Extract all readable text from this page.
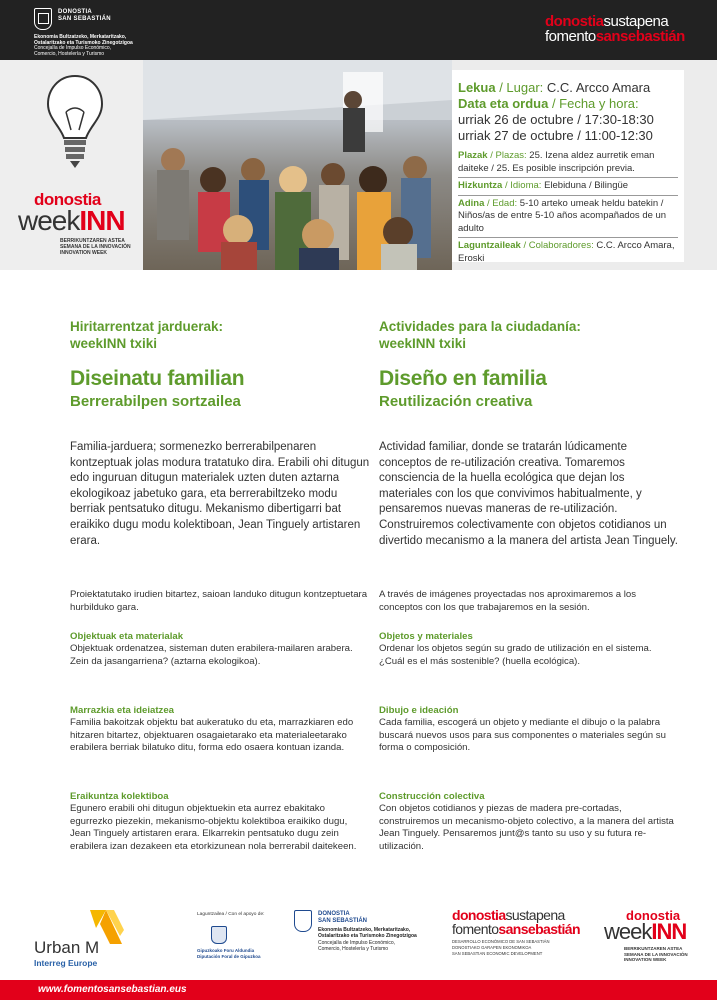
DONOSTIA
SAN SEBASTIÁN
Ekonomia Bultzatzeko, Merkataritzako,
Ostalaritzako eta Turismoko Zinegotzigoa
Concejalía de Impulso Económico,
Comercio, Hostelería y Turismo
donostiasustapena
fomentosansebastián
donostia
weekINN
BERRIKUNTZAREN ASTEA
SEMANA DE LA INNOVACIÓN
INNOVATION WEEK
Lekua / Lugar: C.C. Arcco Amara
Data eta ordua / Fecha y hora:
urriak 26 de octubre / 17:30-18:30
urriak 27 de octubre / 11:00-12:30
Plazak / Plazas: 25. Izena aldez aurretik eman daiteke / 25. Es posible inscripción previa.
Hizkuntza / Idioma: Elebiduna / Bilingüe
Adina / Edad: 5-10 arteko umeak heldu batekin / Niños/as de entre 5-10 años acompañados de un adulto
Laguntzaileak / Colaboradores: C.C. Arcco Amara, Eroski
Hiritarrentzat jarduerak:
weekINN txiki
Diseinatu familian
Berrerabilpen sortzailea
Familia-jarduera; sormenezko berrerabilpenaren kontzeptuak jolas modura tratatuko dira. Erabili ohi ditugun edo inguruan ditugun materialek uzten duten aztarna ekologikoaz jabetuko gara, eta berrerabiltzeko modu berriak pentsatuko ditugu. Mekanismo dibertigarri bat eraikiko dugu modu kolektiboan, Jean Tinguely artistaren erara.
Proiektatutako irudien bitartez, saioan landuko ditugun kontzeptuetara hurbilduko gara.
Objektuak eta materialak
Objektuak ordenatzea, sisteman duten erabilera-mailaren arabera. Zein da jasangarriena? (aztarna ekologikoa).
Marrazkia eta ideiatzea
Familia bakoitzak objektu bat aukeratuko du eta, marrazkiaren edo hitzaren bitartez, objektuaren osagaietarako eta materialeetarako erabilera berriak bilatuko ditu, forma edo osaera kontuan izanda.
Eraikuntza kolektiboa
Egunero erabili ohi ditugun objektuekin eta aurrez ebakitako egurrezko piezekin, mekanismo-objektu kolektiboa eraikiko dugu, Jean Tinguely artistaren erara. Elkarrekin pentsatuko dugu zein erabilera izan dezakeen eta etorkizunean nola berrerabil daitekeen.
Actividades para la ciudadanía:
weekINN txiki
Diseño en familia
Reutilización creativa
Actividad familiar, donde se tratarán lúdicamente conceptos de re-utilización creativa. Tomaremos consciencia de la huella ecológica que dejan los materiales con los que convivimos habitualmente, y pensaremos nuevas maneras de re-utilización. Construiremos colectivamente con objetos cotidianos un divertido mecanismo a la manera del artista Jean Tinguely.
A través de imágenes proyectadas nos aproximaremos a los conceptos con los que trabajaremos en la sesión.
Objetos y materiales
Ordenar los objetos según su grado de utilización en el sistema. ¿Cuál es el más sostenible? (huella ecológica).
Dibujo e ideación
Cada familia, escogerá un objeto y mediante el dibujo o la palabra buscará nuevos usos para sus componentes o materiales según su forma o composición.
Construcción colectiva
Con objetos cotidianos y piezas de madera pre-cortadas, construiremos un mecanismo-objeto colectivo, a la manera del artista Jean Tinguely. Pensaremos junt@s tanto su uso y su futura re-utilización.
Urban M
Interreg Europe
Laguntzailea / Con el apoyo de:
Gipuzkoako Foru Aldundia
Diputación Foral de Gipuzkoa
DONOSTIA
SAN SEBASTIÁN
Ekonomia Bultzatzeko, Merkataritzako,
Ostalaritzako eta Turismoko Zinegotzigoa
Concejalía de Impulso Económico,
Comercio, Hostelería y Turismo
donostiasustapena
fomentosansebastián
DESARROLLO ECONÓMICO DE SAN SEBASTIÁN
DONOSTIAKO GARAPEN EKONOMIKOA
SAN SEBASTIAN ECONOMIC DEVELOPMENT
donostia
weekINN
BERRIKUNTZAREN ASTEA
SEMANA DE LA INNOVACIÓN
INNOVATION WEEK
www.fomentosansebastian.eus
